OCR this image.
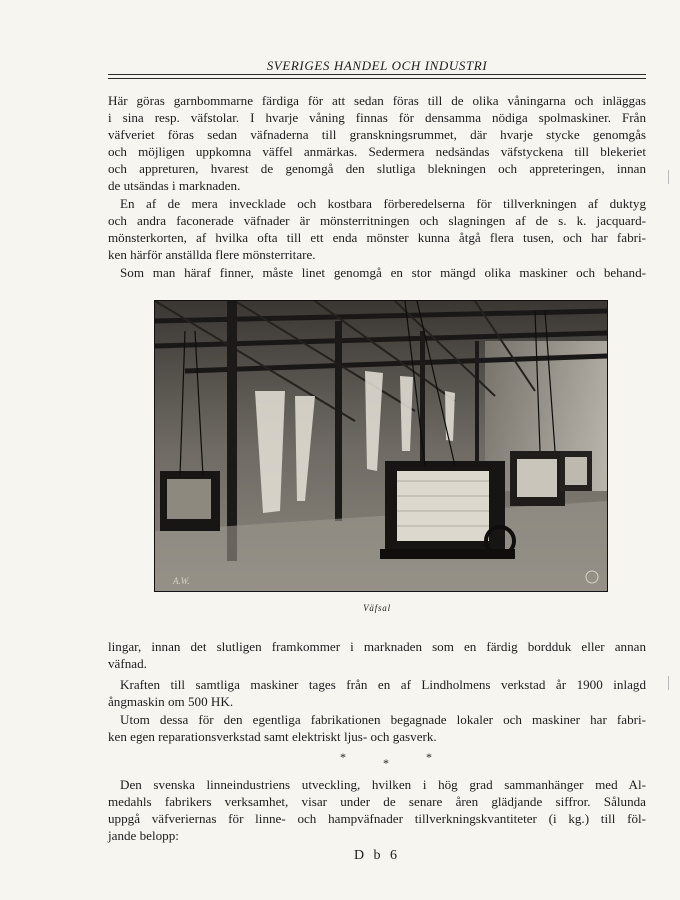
SVERIGES HANDEL OCH INDUSTRI

Här göras garnbommarne färdiga för att sedan föras till de olika våningarna och inläggas
i sina resp. väfstolar. I hvarje våning finnas för densamma nödiga spolmaskiner. Från
väfveriet föras sedan väfnaderna till granskningsrummet, där hvarje stycke genomgås
och möjligen uppkomna väffel anmärkas. Sedermera nedsändas väfstyckena till blekeriet
och appreturen, hvarest de genomgå den slutliga blekningen och appreteringen, innan
de utsändas i marknaden.

En af de mera invecklade och kostbara förberedelserna för tillverkningen af duktyg
och andra faconerade väfnader är mönsterritningen och slagningen af de s. k. jacquard-
mönsterkorten, af hvilka ofta till ett enda mönster kunna åtgå flera tusen, och har fabri-
ken härför anställda flere mönsterritare.

Som man häraf finner, måste linet genomgå en stor mängd olika maskiner och behand-

A.W.
Väfsal

lingar, innan det slutligen framkommer i marknaden som en färdig bordduk eller annan
väfnad.

Kraften till samtliga maskiner tages från en af Lindholmens verkstad år 1900 inlagd
ångmaskin om 500 HK.

Utom dessa för den egentliga fabrikationen begagnade lokaler och maskiner har fabri-
ken egen reparationsverkstad samt elektriskt ljus- och gasverk.

*	*	*

Den svenska linneindustriens utveckling, hvilken i hög grad sammanhänger med Al-
medahls fabrikers verksamhet, visar under de senare åren glädjande siffror. Sålunda
uppgå väfveriernas för linne- och hampväfnader tillverkningskvantiteter (i kg.) till föl-
jande belopp:

D b 6
